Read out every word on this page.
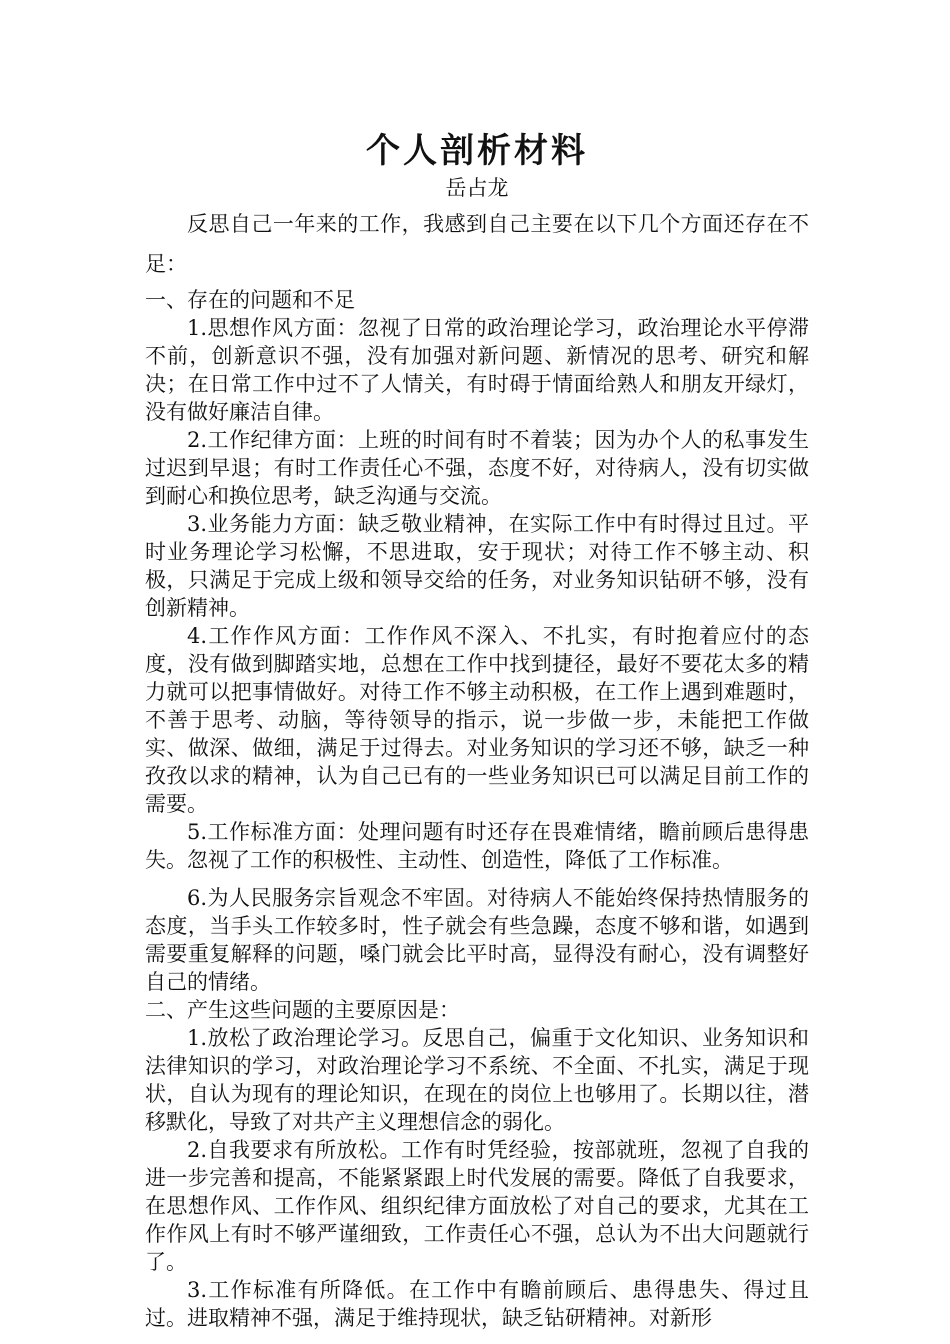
个人剖析材料

岳占龙

反思自己一年来的工作，我感到自己主要在以下几个方面还存在不足：

一、存在的问题和不足

1.思想作风方面：忽视了日常的政治理论学习，政治理论水平停滞不前，创新意识不强，没有加强对新问题、新情况的思考、研究和解决；在日常工作中过不了人情关，有时碍于情面给熟人和朋友开绿灯，没有做好廉洁自律。

2.工作纪律方面：上班的时间有时不着装；因为办个人的私事发生过迟到早退；有时工作责任心不强，态度不好，对待病人，没有切实做到耐心和换位思考，缺乏沟通与交流。

3.业务能力方面：缺乏敬业精神，在实际工作中有时得过且过。平时业务理论学习松懈，不思进取，安于现状；对待工作不够主动、积极，只满足于完成上级和领导交给的任务，对业务知识钻研不够，没有创新精神。

4.工作作风方面：工作作风不深入、不扎实，有时抱着应付的态度，没有做到脚踏实地，总想在工作中找到捷径，最好不要花太多的精力就可以把事情做好。对待工作不够主动积极，在工作上遇到难题时，不善于思考、动脑，等待领导的指示，说一步做一步，未能把工作做实、做深、做细，满足于过得去。对业务知识的学习还不够，缺乏一种孜孜以求的精神，认为自己已有的一些业务知识已可以满足目前工作的需要。

5.工作标准方面：处理问题有时还存在畏难情绪，瞻前顾后患得患失。忽视了工作的积极性、主动性、创造性，降低了工作标准。

6.为人民服务宗旨观念不牢固。对待病人不能始终保持热情服务的态度，当手头工作较多时，性子就会有些急躁，态度不够和谐，如遇到需要重复解释的问题，嗓门就会比平时高，显得没有耐心，没有调整好自己的情绪。

二、产生这些问题的主要原因是：

1.放松了政治理论学习。反思自己，偏重于文化知识、业务知识和法律知识的学习，对政治理论学习不系统、不全面、不扎实，满足于现状，自认为现有的理论知识，在现在的岗位上也够用了。长期以往，潜移默化，导致了对共产主义理想信念的弱化。

2.自我要求有所放松。工作有时凭经验，按部就班，忽视了自我的进一步完善和提高，不能紧紧跟上时代发展的需要。降低了自我要求，在思想作风、工作作风、组织纪律方面放松了对自己的要求，尤其在工作作风上有时不够严谨细致，工作责任心不强，总认为不出大问题就行了。

3.工作标准有所降低。在工作中有瞻前顾后、患得患失、得过且过。进取精神不强，满足于维持现状，缺乏钻研精神。对新形
